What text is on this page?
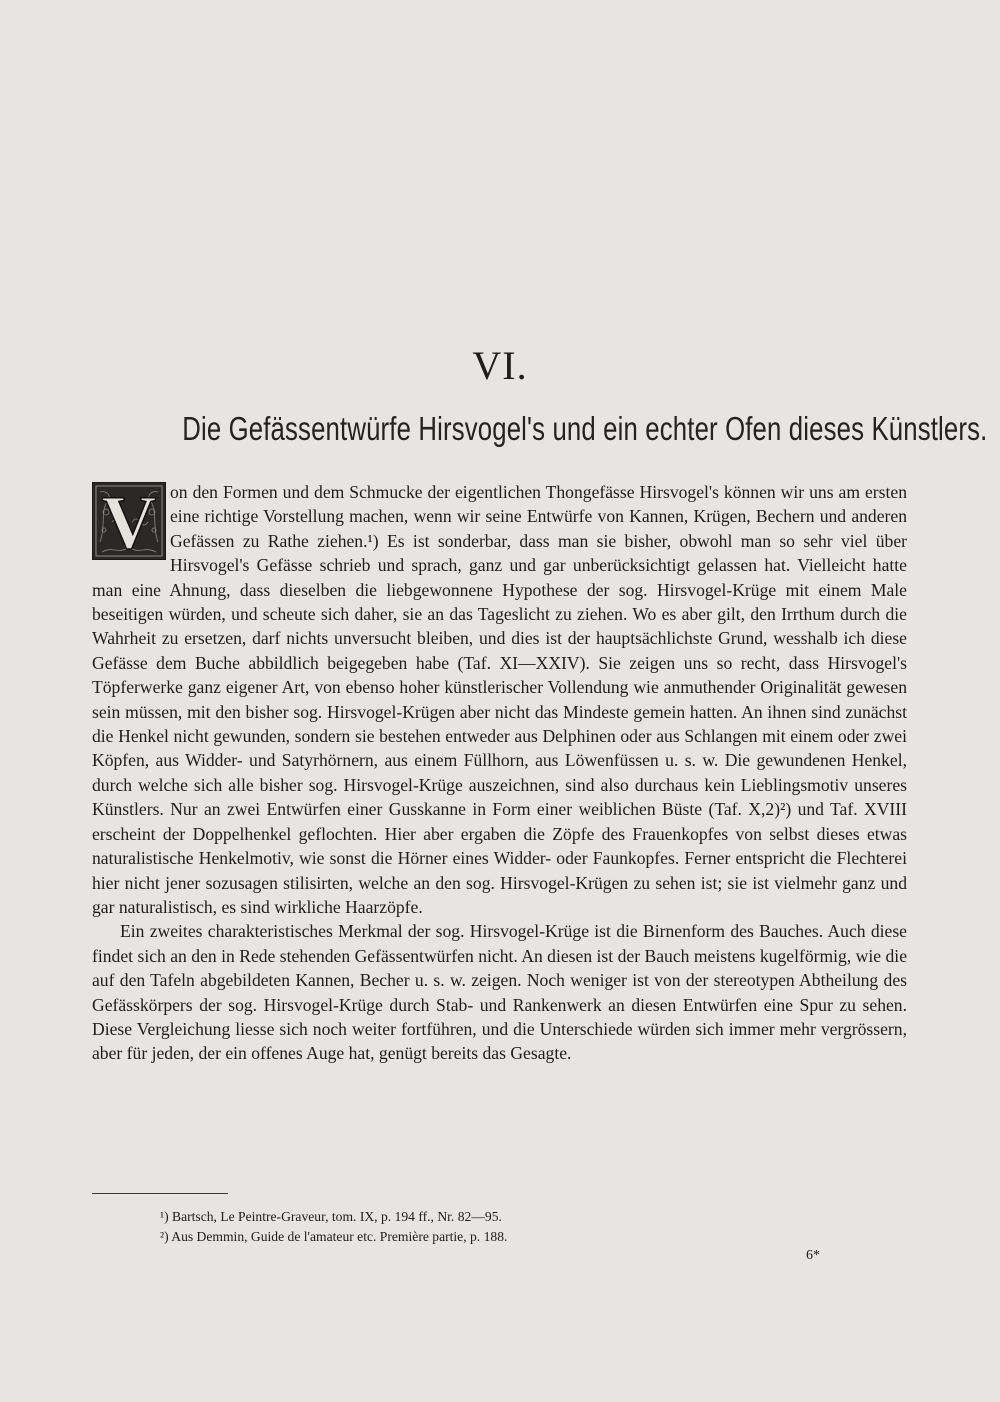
VI.
Die Gefässentwürfe Hirsvogel's und ein echter Ofen dieses Künstlers.
V on den Formen und dem Schmucke der eigentlichen Thongefässe Hirsvogel's können wir uns am ersten eine richtige Vorstellung machen, wenn wir seine Entwürfe von Kannen, Krügen, Bechern und anderen Gefässen zu Rathe ziehen.¹) Es ist sonderbar, dass man sie bisher, obwohl man so sehr viel über Hirsvogel's Gefässe schrieb und sprach, ganz und gar unberücksichtigt gelassen hat. Vielleicht hatte man eine Ahnung, dass dieselben die liebgewonnene Hypothese der sog. Hirsvogel-Krüge mit einem Male beseitigen würden, und scheute sich daher, sie an das Tageslicht zu ziehen. Wo es aber gilt, den Irrthum durch die Wahrheit zu ersetzen, darf nichts unversucht bleiben, und dies ist der hauptsächlichste Grund, wesshalb ich diese Gefässe dem Buche abbildlich beigegeben habe (Taf. XI—XXIV). Sie zeigen uns so recht, dass Hirsvogel's Töpferwerke ganz eigener Art, von ebenso hoher künstlerischer Vollendung wie anmuthender Originalität gewesen sein müssen, mit den bisher sog. Hirsvogel-Krügen aber nicht das Mindeste gemein hatten. An ihnen sind zunächst die Henkel nicht gewunden, sondern sie bestehen entweder aus Delphinen oder aus Schlangen mit einem oder zwei Köpfen, aus Widder- und Satyrhörnern, aus einem Füllhorn, aus Löwenfüssen u. s. w. Die gewundenen Henkel, durch welche sich alle bisher sog. Hirsvogel-Krüge auszeichnen, sind also durchaus kein Lieblingsmotiv unseres Künstlers. Nur an zwei Entwürfen einer Gusskanne in Form einer weiblichen Büste (Taf. X,2)²) und Taf. XVIII erscheint der Doppelhenkel geflochten. Hier aber ergaben die Zöpfe des Frauenkopfes von selbst dieses etwas naturalistische Henkelmotiv, wie sonst die Hörner eines Widder- oder Faunkopfes. Ferner entspricht die Flechterei hier nicht jener sozusagen stilisirten, welche an den sog. Hirsvogel-Krügen zu sehen ist; sie ist vielmehr ganz und gar naturalistisch, es sind wirkliche Haarzöpfe.

Ein zweites charakteristisches Merkmal der sog. Hirsvogel-Krüge ist die Birnenform des Bauches. Auch diese findet sich an den in Rede stehenden Gefässentwürfen nicht. An diesen ist der Bauch meistens kugelförmig, wie die auf den Tafeln abgebildeten Kannen, Becher u. s. w. zeigen. Noch weniger ist von der stereotypen Abtheilung des Gefässkörpers der sog. Hirsvogel-Krüge durch Stab- und Rankenwerk an diesen Entwürfen eine Spur zu sehen. Diese Vergleichung liesse sich noch weiter fortführen, und die Unterschiede würden sich immer mehr vergrössern, aber für jeden, der ein offenes Auge hat, genügt bereits das Gesagte.

¹) Bartsch, Le Peintre-Graveur, tom. IX, p. 194 ff., Nr. 82—95.
²) Aus Demmin, Guide de l'amateur etc. Première partie, p. 188.
6*
